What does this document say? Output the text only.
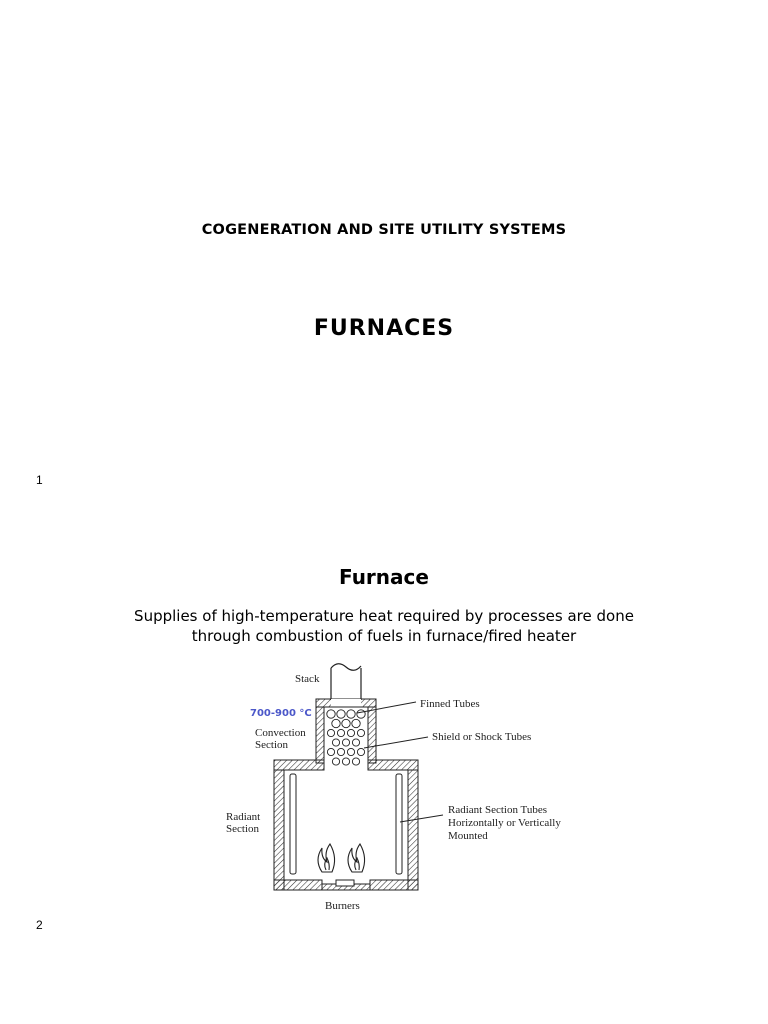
COGENERATION AND SITE UTILITY SYSTEMS
FURNACES
1
Furnace
Supplies of high-temperature heat required by processes are done
through combustion of fuels in furnace/fired heater
Stack
700-900 °C
Convection
Section
Radiant
Section
Finned Tubes
Shield or Shock Tubes
Radiant Section Tubes
Horizontally or Vertically
Mounted
Burners
2
